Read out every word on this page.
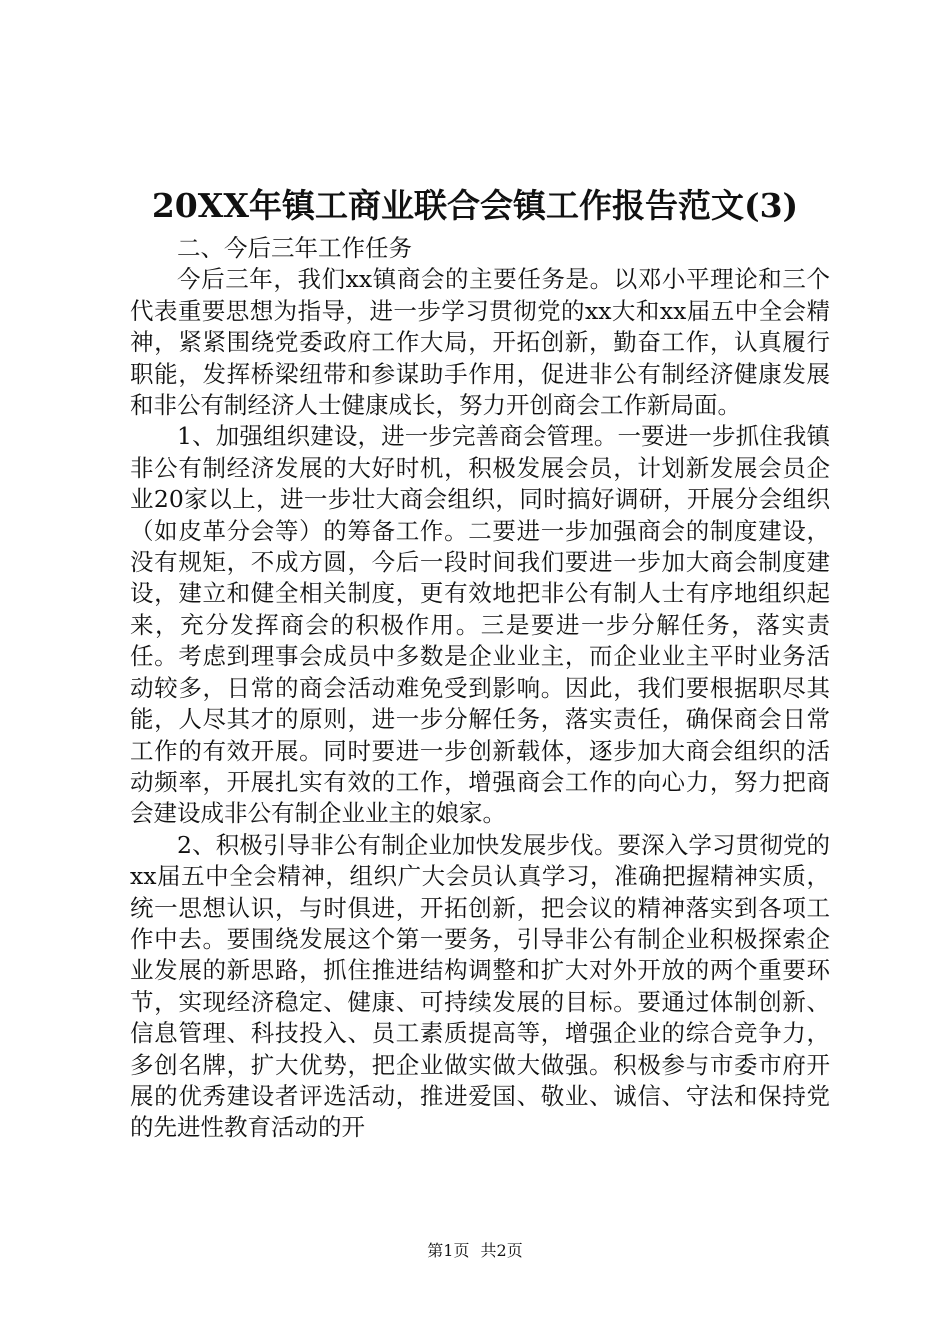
20XX年镇工商业联合会镇工作报告范文(3)

二、今后三年工作任务

今后三年，我们xx镇商会的主要任务是。以邓小平理论和三个代表重要思想为指导，进一步学习贯彻党的xx大和xx届五中全会精神，紧紧围绕党委政府工作大局，开拓创新，勤奋工作，认真履行职能，发挥桥梁纽带和参谋助手作用，促进非公有制经济健康发展和非公有制经济人士健康成长，努力开创商会工作新局面。

1、加强组织建设，进一步完善商会管理。一要进一步抓住我镇非公有制经济发展的大好时机，积极发展会员，计划新发展会员企业20家以上，进一步壮大商会组织，同时搞好调研，开展分会组织（如皮革分会等）的筹备工作。二要进一步加强商会的制度建设，没有规矩，不成方圆，今后一段时间我们要进一步加大商会制度建设，建立和健全相关制度，更有效地把非公有制人士有序地组织起来，充分发挥商会的积极作用。三是要进一步分解任务，落实责任。考虑到理事会成员中多数是企业业主，而企业业主平时业务活动较多，日常的商会活动难免受到影响。因此，我们要根据职尽其能，人尽其才的原则，进一步分解任务，落实责任，确保商会日常工作的有效开展。同时要进一步创新载体，逐步加大商会组织的活动频率，开展扎实有效的工作，增强商会工作的向心力，努力把商会建设成非公有制企业业主的娘家。

2、积极引导非公有制企业加快发展步伐。要深入学习贯彻党的xx届五中全会精神，组织广大会员认真学习，准确把握精神实质，统一思想认识，与时俱进，开拓创新，把会议的精神落实到各项工作中去。要围绕发展这个第一要务，引导非公有制企业积极探索企业发展的新思路，抓住推进结构调整和扩大对外开放的两个重要环节，实现经济稳定、健康、可持续发展的目标。要通过体制创新、信息管理、科技投入、员工素质提高等，增强企业的综合竞争力，多创名牌，扩大优势，把企业做实做大做强。积极参与市委市府开展的优秀建设者评选活动，推进爱国、敬业、诚信、守法和保持党的先进性教育活动的开

第1页 共2页
